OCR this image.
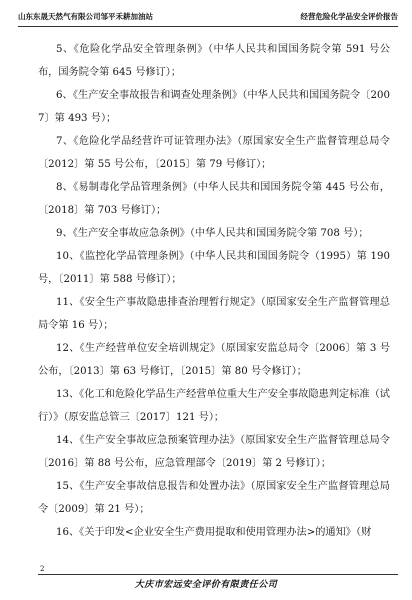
山东东晟天然气有限公司邹平禾耕加油站	经营危险化学品安全评价报告

5、《危险化学品安全管理条例》（中华人民共和国国务院令第 591 号公布，国务院令第 645 号修订）；

6、《生产安全事故报告和调查处理条例》（中华人民共和国国务院令〔2007〕第 493 号）；

7、《危险化学品经营许可证管理办法》（原国家安全生产监督管理总局令〔2012〕第 55 号公布，〔2015〕第 79 号修订）；

8、《易制毒化学品管理条例》（中华人民共和国国务院令第 445 号公布，〔2018〕第 703 号修订）；

9、《生产安全事故应急条例》（中华人民共和国国务院令第 708 号）；

10、《监控化学品管理条例》（中华人民共和国国务院令（1995）第 190 号，〔2011〕第 588 号修订）；

11、《安全生产事故隐患排查治理暂行规定》（原国家安全生产监督管理总局令第 16 号）；

12、《生产经营单位安全培训规定》（原国家安监总局令〔2006〕第 3 号公布，〔2013〕第 63 号修订，〔2015〕第 80 号令修订）；

13、《化工和危险化学品生产经营单位重大生产安全事故隐患判定标准（试行）》（原安监总管三〔2017〕121 号）；

14、《生产安全事故应急预案管理办法》（原国家安全生产监督管理总局令〔2016〕第 88 号公布，应急管理部令〔2019〕第 2 号修订）；

15、《生产安全事故信息报告和处置办法》（原国家安全生产监督管理总局令〔2009〕第 21 号）；

16、《关于印发<企业安全生产费用提取和使用管理办法>的通知》（财

2
大庆市宏远安全评价有限责任公司
